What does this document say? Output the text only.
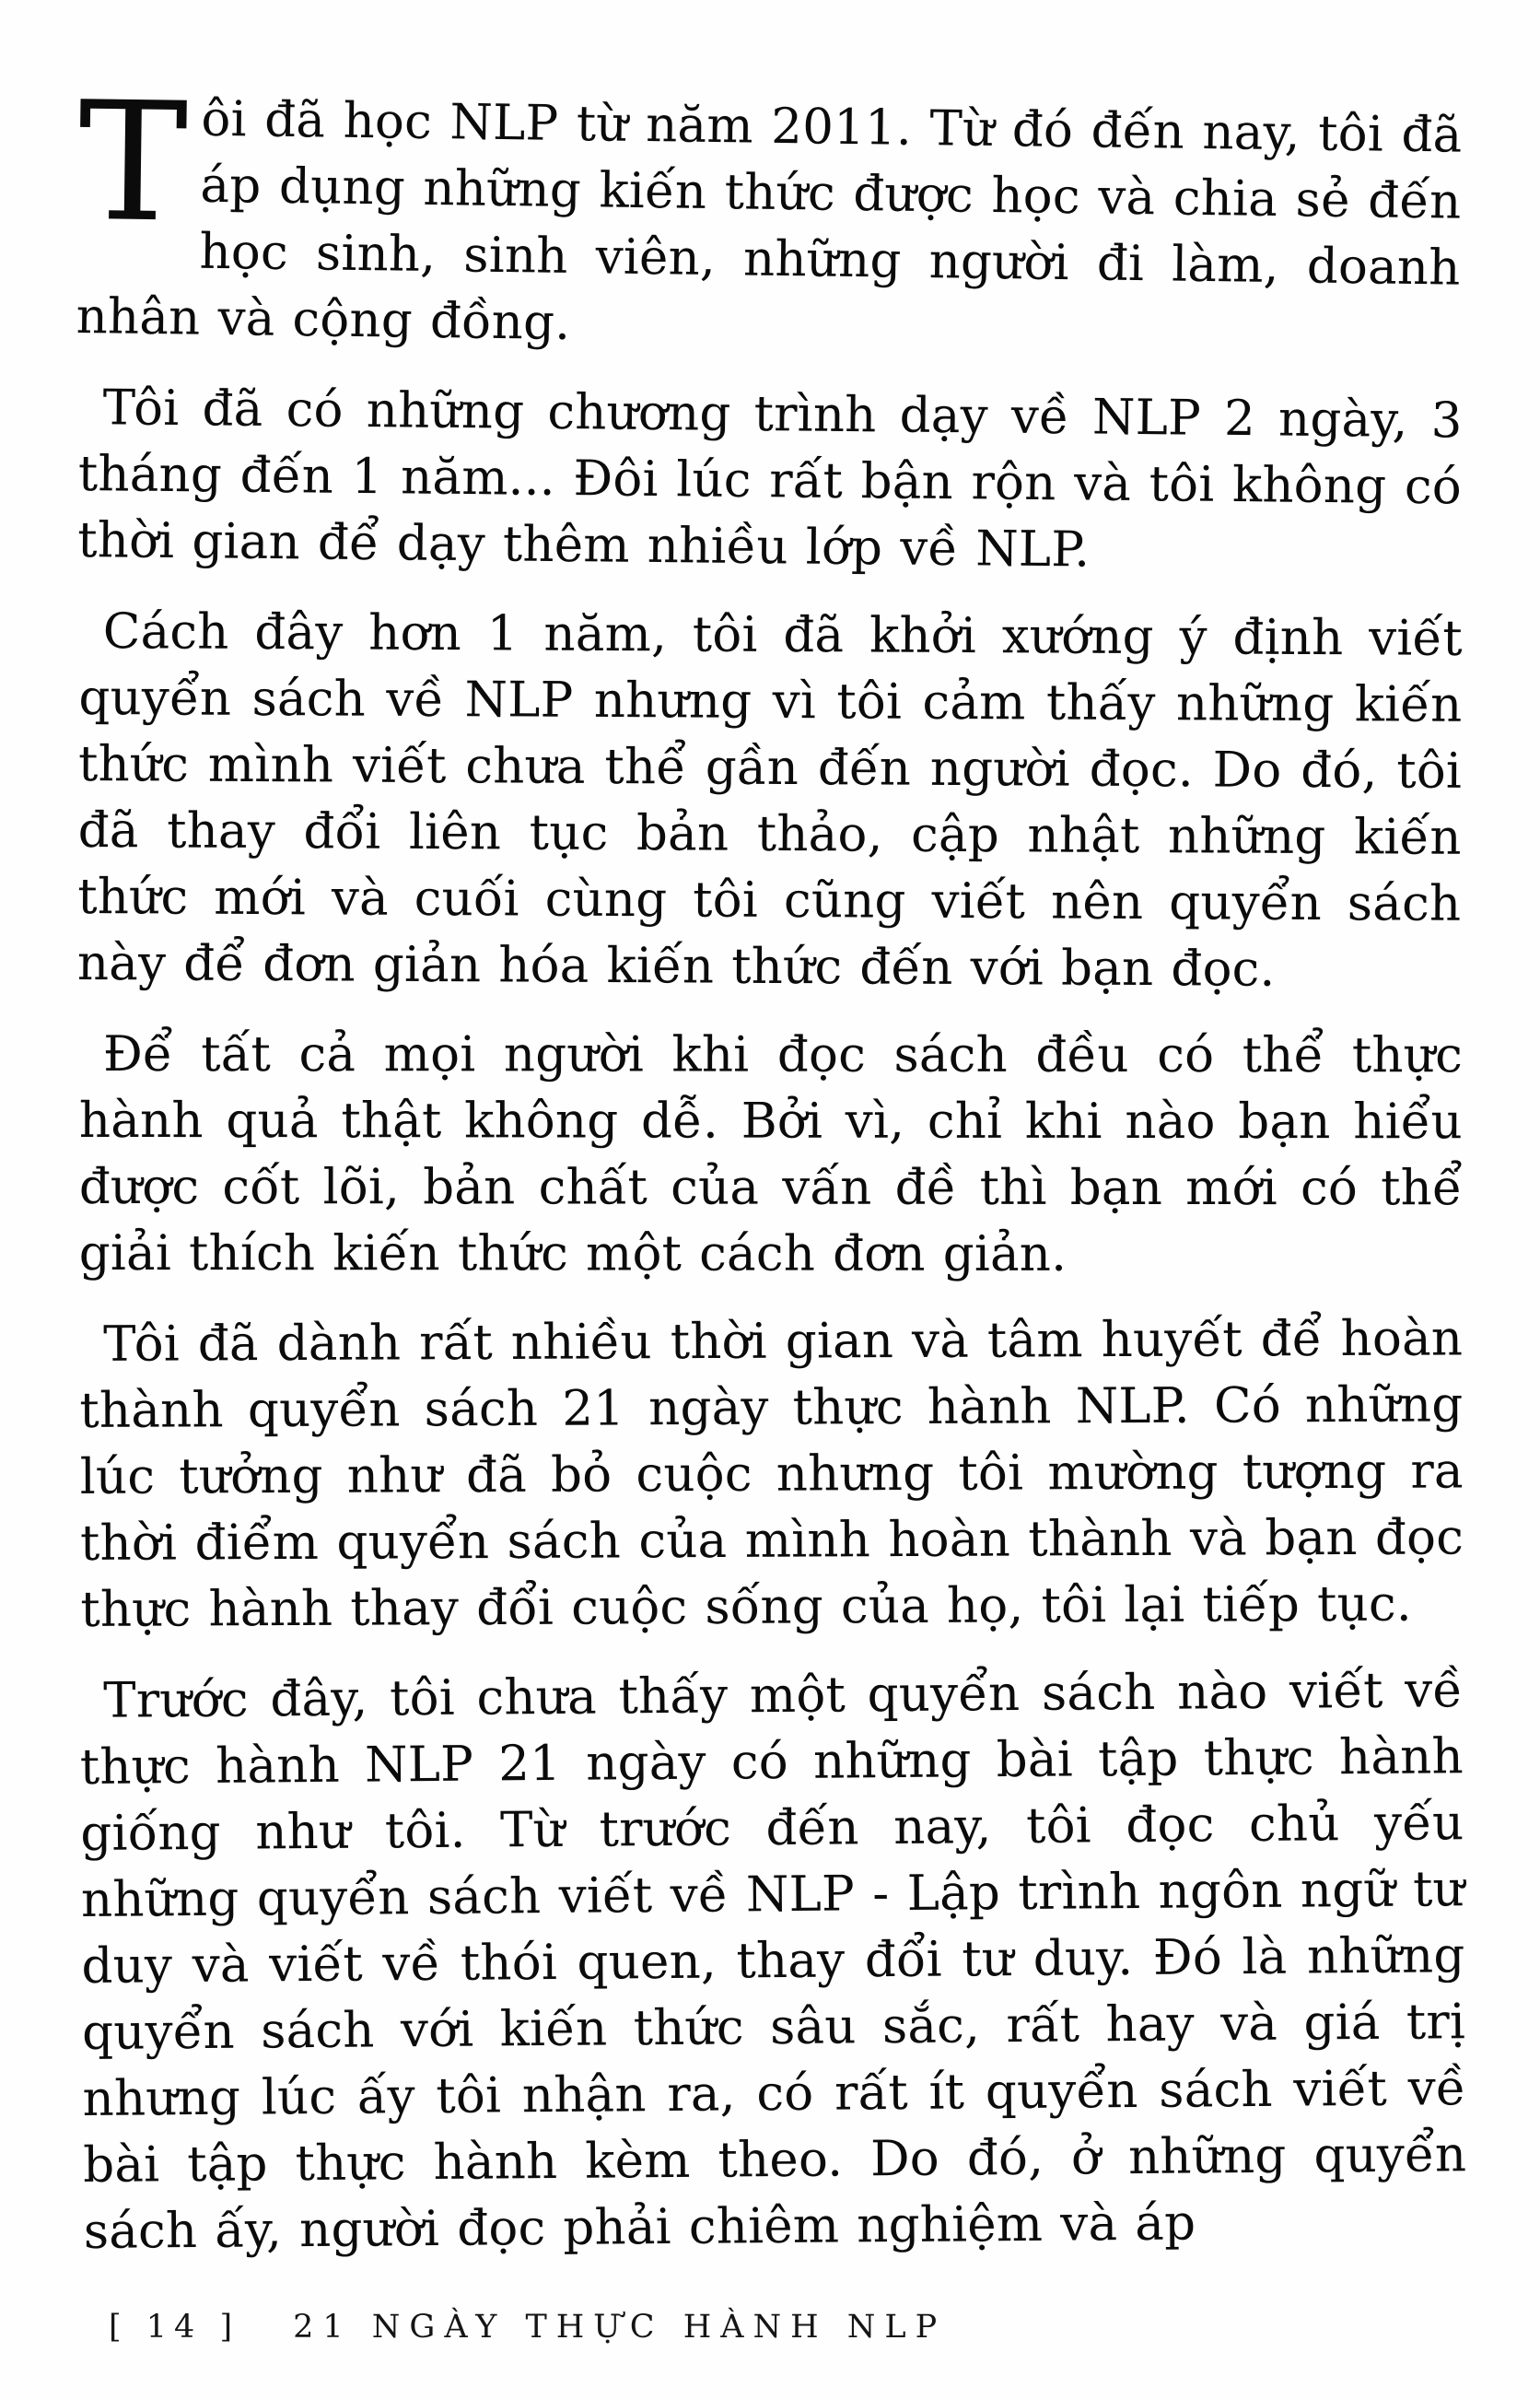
Tôi đã học NLP từ năm 2011. Từ đó đến nay, tôi đã áp dụng những kiến thức được học và chia sẻ đến học sinh, sinh viên, những người đi làm, doanh nhân và cộng đồng.

Tôi đã có những chương trình dạy về NLP 2 ngày, 3 tháng đến 1 năm... Đôi lúc rất bận rộn và tôi không có thời gian để dạy thêm nhiều lớp về NLP.

Cách đây hơn 1 năm, tôi đã khởi xướng ý định viết quyển sách về NLP nhưng vì tôi cảm thấy những kiến thức mình viết chưa thể gần đến người đọc. Do đó, tôi đã thay đổi liên tục bản thảo, cập nhật những kiến thức mới và cuối cùng tôi cũng viết nên quyển sách này để đơn giản hóa kiến thức đến với bạn đọc.

Để tất cả mọi người khi đọc sách đều có thể thực hành quả thật không dễ. Bởi vì, chỉ khi nào bạn hiểu được cốt lõi, bản chất của vấn đề thì bạn mới có thể giải thích kiến thức một cách đơn giản.

Tôi đã dành rất nhiều thời gian và tâm huyết để hoàn thành quyển sách 21 ngày thực hành NLP. Có những lúc tưởng như đã bỏ cuộc nhưng tôi mường tượng ra thời điểm quyển sách của mình hoàn thành và bạn đọc thực hành thay đổi cuộc sống của họ, tôi lại tiếp tục.

Trước đây, tôi chưa thấy một quyển sách nào viết về thực hành NLP 21 ngày có những bài tập thực hành giống như tôi. Từ trước đến nay, tôi đọc chủ yếu những quyển sách viết về NLP - Lập trình ngôn ngữ tư duy và viết về thói quen, thay đổi tư duy. Đó là những quyển sách với kiến thức sâu sắc, rất hay và giá trị nhưng lúc ấy tôi nhận ra, có rất ít quyển sách viết về bài tập thực hành kèm theo. Do đó, ở những quyển sách ấy, người đọc phải chiêm nghiệm và áp

[ 14 ] 21 NGÀY THỰC HÀNH NLP
